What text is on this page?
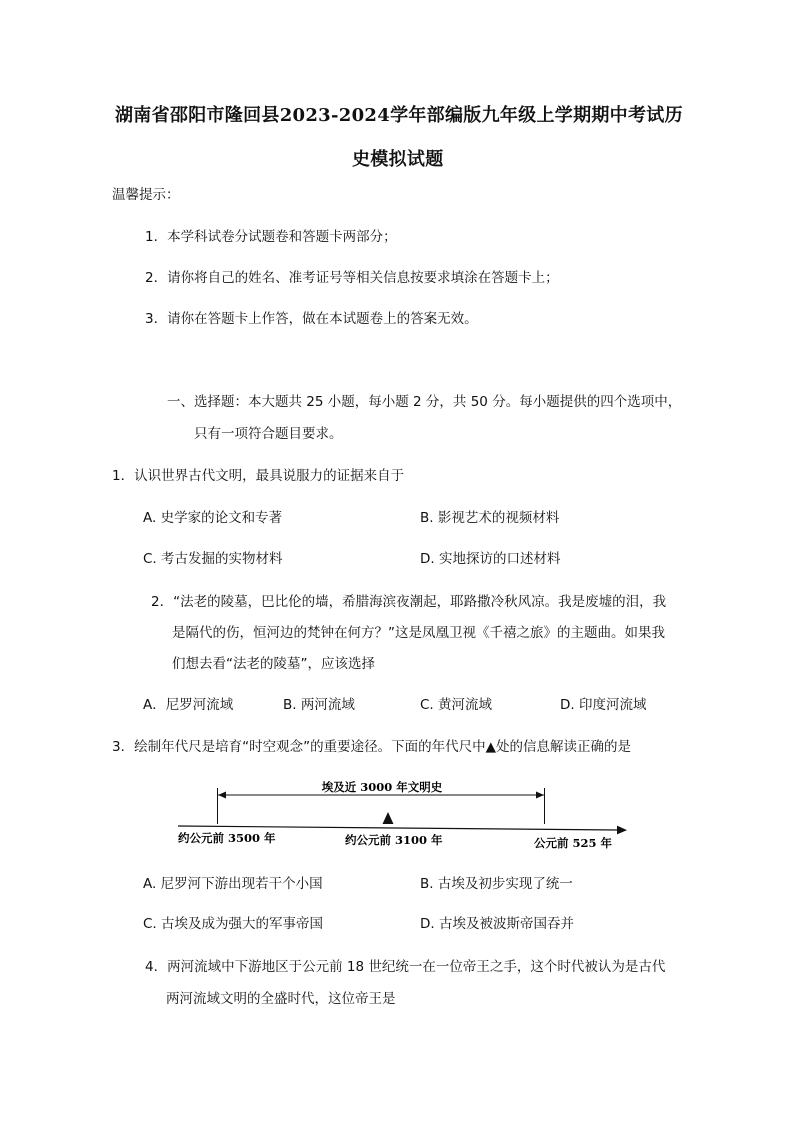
湖南省邵阳市隆回县2023-2024学年部编版九年级上学期期中考试历
史模拟试题
温馨提示：
1．本学科试卷分试题卷和答题卡两部分；
2．请你将自己的姓名、准考证号等相关信息按要求填涂在答题卡上；
3．请你在答题卡上作答，做在本试题卷上的答案无效。
一、选择题：本大题共 25 小题，每小题 2 分，共 50 分。每小题提供的四个选项中，
只有一项符合题目要求。
1．认识世界古代文明，最具说服力的证据来自于
A. 史学家的论文和专著	B. 影视艺术的视频材料
C. 考古发掘的实物材料	D. 实地探访的口述材料
2．“法老的陵墓，巴比伦的墙，希腊海滨夜潮起，耶路撒冷秋风凉。我是废墟的泪，我
是隔代的伤，恒河边的梵钟在何方？”这是凤凰卫视《千禧之旅》的主题曲。如果我
们想去看“法老的陵墓”，应该选择
A．尼罗河流域	B. 两河流域	C. 黄河流域	D. 印度河流域
3．绘制年代尺是培育“时空观念”的重要途径。下面的年代尺中▲处的信息解读正确的是
埃及近 3000 年文明史
约公元前 3500 年	约公元前 3100 年	公元前 525 年
A. 尼罗河下游出现若干个小国	B. 古埃及初步实现了统一
C. 古埃及成为强大的军事帝国	D. 古埃及被波斯帝国吞并
4．两河流域中下游地区于公元前 18 世纪统一在一位帝王之手，这个时代被认为是古代
两河流域文明的全盛时代，这位帝王是
